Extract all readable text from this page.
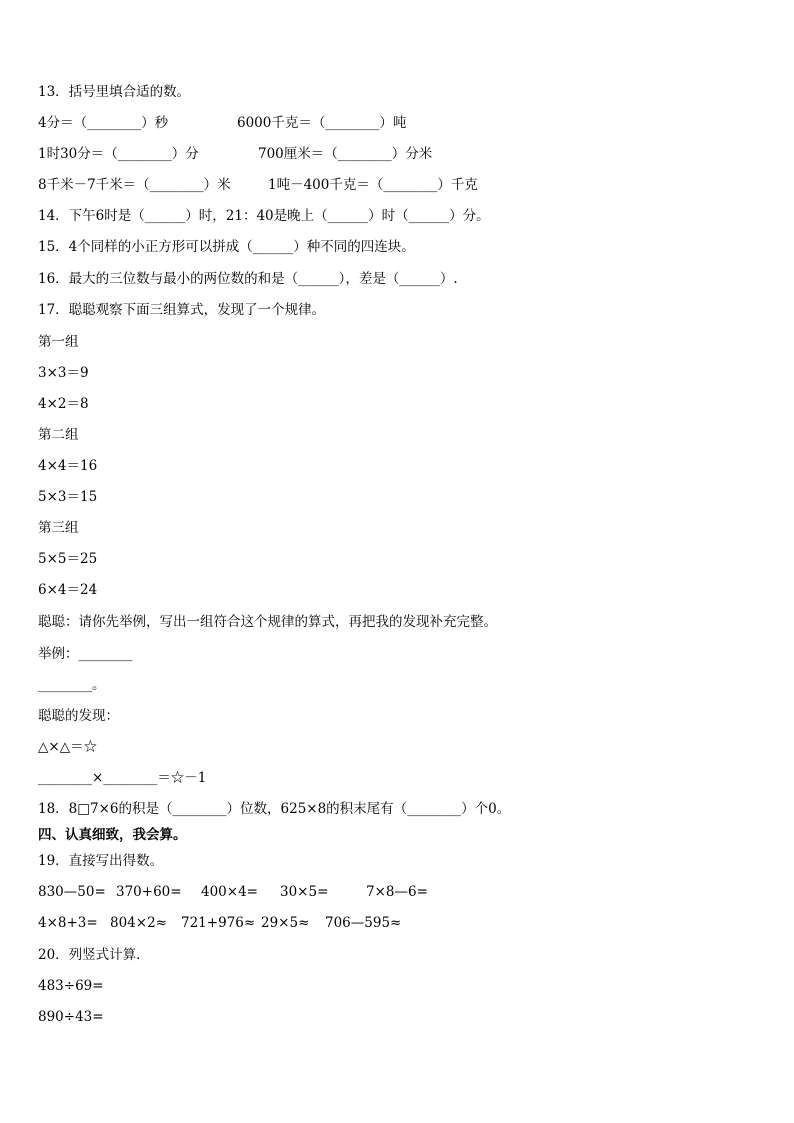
13．括号里填合适的数。
4分＝（________）秒	6000千克＝（________）吨
1时30分＝（________）分	700厘米＝（________）分米
8千米－7千米＝（________）米	1吨－400千克＝（________）千克
14．下午6时是（______）时，21：40是晚上（______）时（______）分。
15．4个同样的小正方形可以拼成（______）种不同的四连块。
16．最大的三位数与最小的两位数的和是（______），差是（______）.
17．聪聪观察下面三组算式，发现了一个规律。
第一组
3×3＝9
4×2＝8
第二组
4×4＝16
5×3＝15
第三组
5×5＝25
6×4＝24
聪聪：请你先举例，写出一组符合这个规律的算式，再把我的发现补充完整。
举例：________
________。
聪聪的发现：
△×△＝☆
________×________＝☆－1
18．8□7×6的积是（________）位数，625×8的积末尾有（________）个0。
四、认真细致，我会算。
19．直接写出得数。
830—50= 370+60= 400×4= 30×5=	7×8—6=
4×8+3= 804×2≈ 721+976≈ 29×5≈ 706—595≈
20．列竖式计算．
483÷69=
890÷43=
